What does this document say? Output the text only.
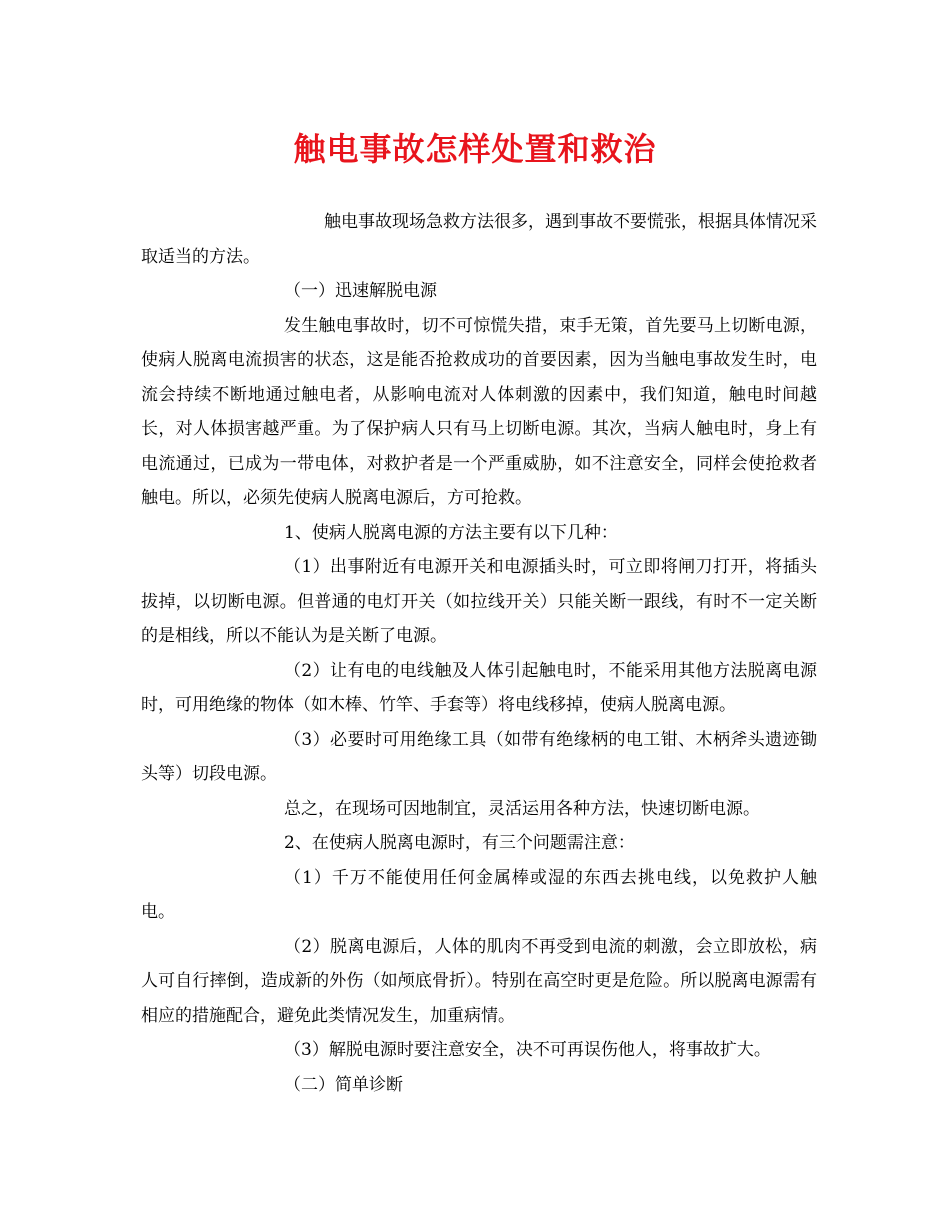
触电事故怎样处置和救治

触电事故现场急救方法很多，遇到事故不要慌张，根据具体情况采取适当的方法。

（一）迅速解脱电源

发生触电事故时，切不可惊慌失措，束手无策，首先要马上切断电源，使病人脱离电流损害的状态，这是能否抢救成功的首要因素，因为当触电事故发生时，电流会持续不断地通过触电者，从影响电流对人体刺激的因素中，我们知道，触电时间越长，对人体损害越严重。为了保护病人只有马上切断电源。其次，当病人触电时，身上有电流通过，已成为一带电体，对救护者是一个严重威胁，如不注意安全，同样会使抢救者触电。所以，必须先使病人脱离电源后，方可抢救。

1、使病人脱离电源的方法主要有以下几种：

（1）出事附近有电源开关和电源插头时，可立即将闸刀打开，将插头拔掉，以切断电源。但普通的电灯开关（如拉线开关）只能关断一跟线，有时不一定关断的是相线，所以不能认为是关断了电源。

（2）让有电的电线触及人体引起触电时，不能采用其他方法脱离电源时，可用绝缘的物体（如木棒、竹竿、手套等）将电线移掉，使病人脱离电源。

（3）必要时可用绝缘工具（如带有绝缘柄的电工钳、木柄斧头遗迹锄头等）切段电源。

总之，在现场可因地制宜，灵活运用各种方法，快速切断电源。

2、在使病人脱离电源时，有三个问题需注意：

（1）千万不能使用任何金属棒或湿的东西去挑电线，以免救护人触电。

（2）脱离电源后，人体的肌肉不再受到电流的刺激，会立即放松，病人可自行摔倒，造成新的外伤（如颅底骨折）。特别在高空时更是危险。所以脱离电源需有相应的措施配合，避免此类情况发生，加重病情。

（3）解脱电源时要注意安全，决不可再误伤他人，将事故扩大。

（二）简单诊断
